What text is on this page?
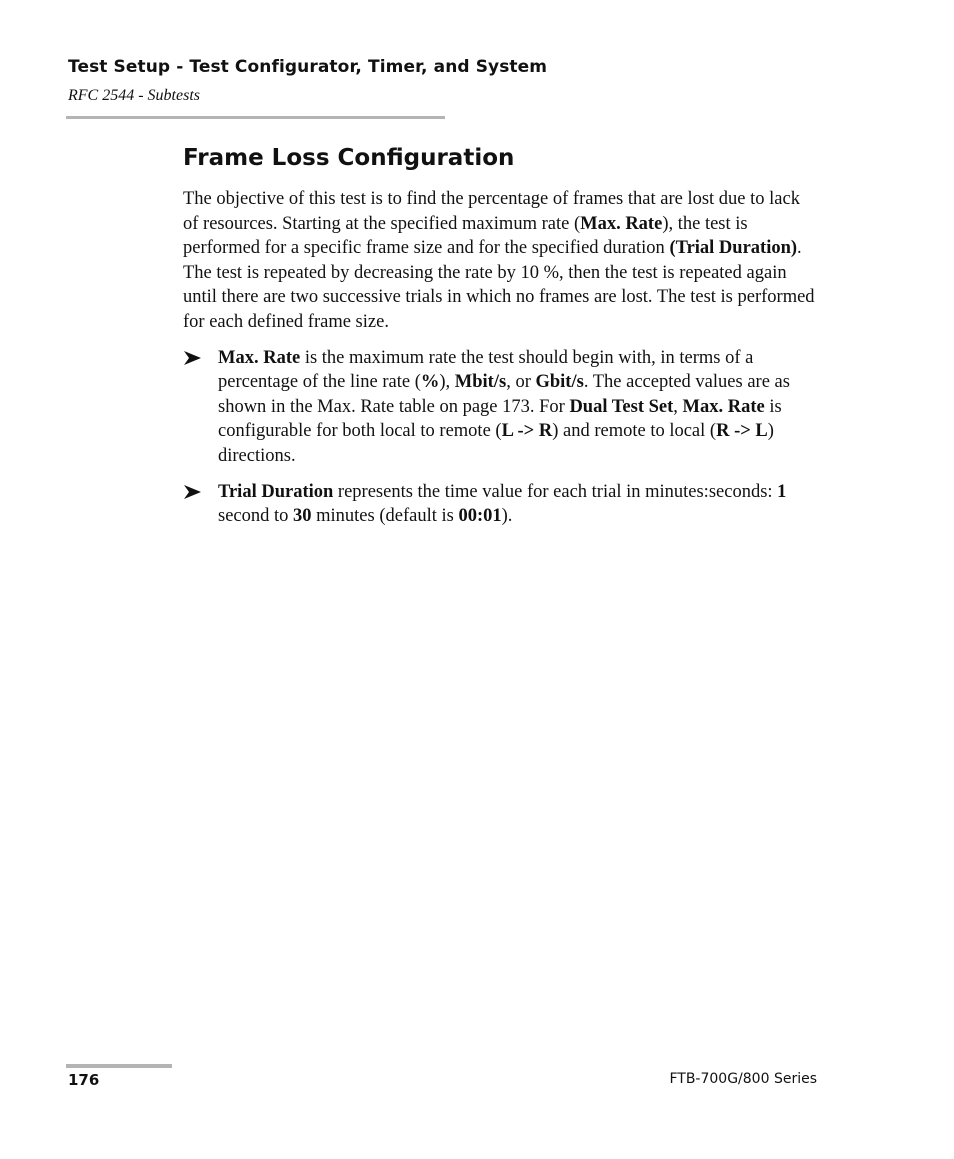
Test Setup - Test Configurator, Timer, and System
RFC 2544 - Subtests
Frame Loss Configuration

The objective of this test is to find the percentage of frames that are lost due to lack of resources. Starting at the specified maximum rate (Max. Rate), the test is performed for a specific frame size and for the specified duration (Trial Duration). The test is repeated by decreasing the rate by 10 %, then the test is repeated again until there are two successive trials in which no frames are lost. The test is performed for each defined frame size.

Max. Rate is the maximum rate the test should begin with, in terms of a percentage of the line rate (%), Mbit/s, or Gbit/s. The accepted values are as shown in the Max. Rate table on page 173. For Dual Test Set, Max. Rate is configurable for both local to remote (L -> R) and remote to local (R -> L) directions.
Trial Duration represents the time value for each trial in minutes:seconds: 1 second to 30 minutes (default is 00:01).
176	FTB-700G/800 Series
